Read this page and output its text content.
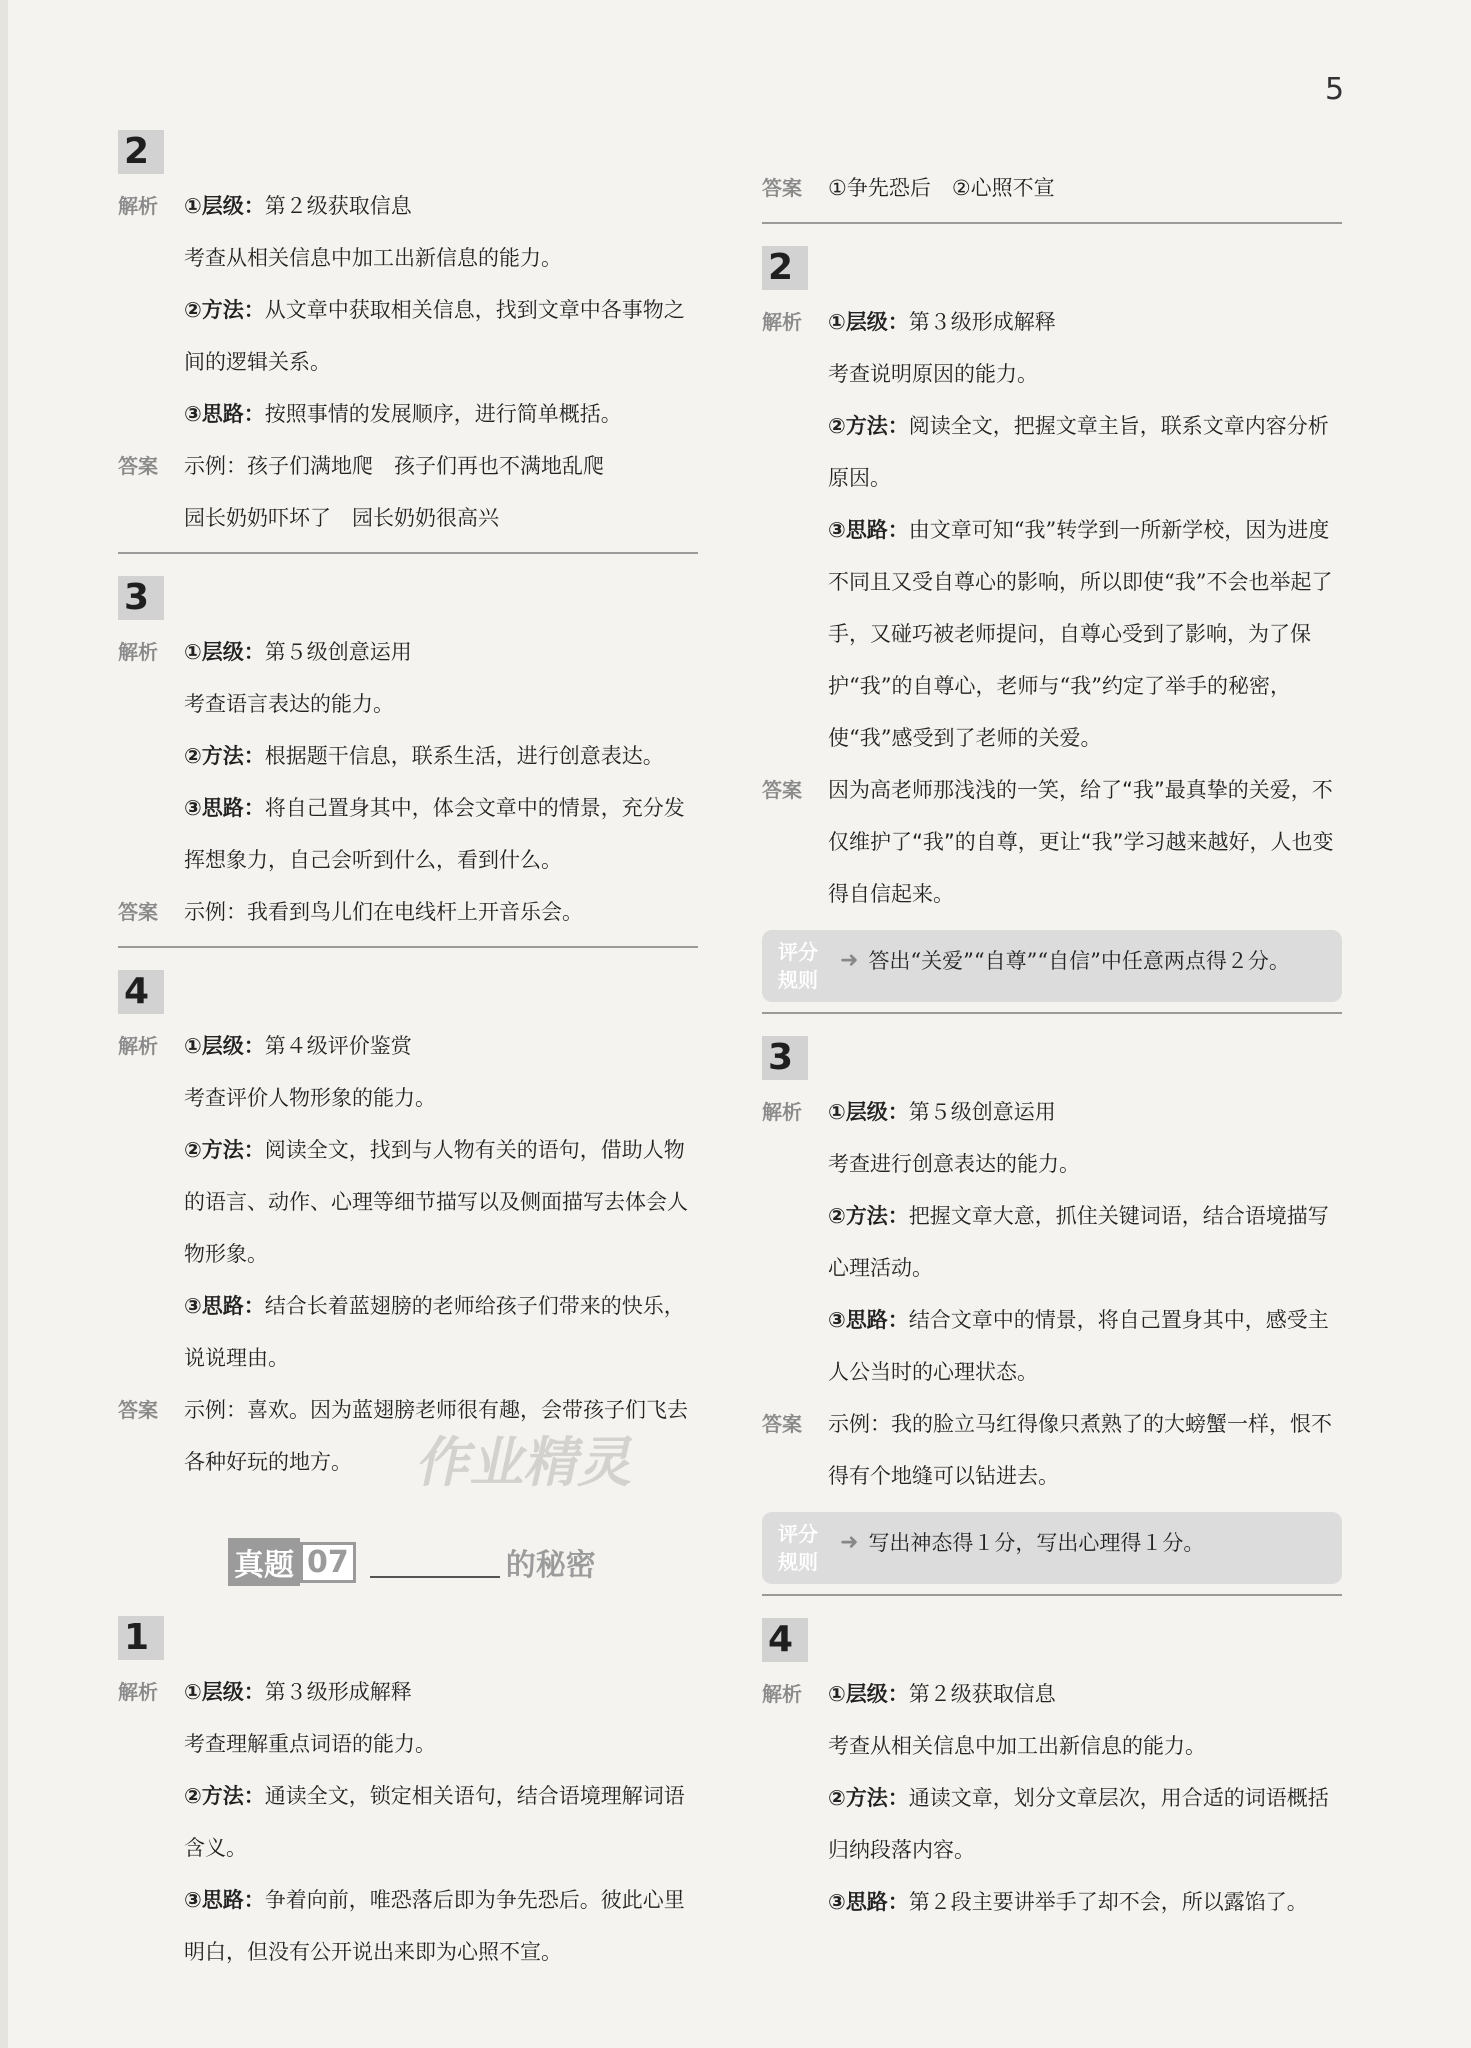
5
2
解析	①层级：第２级获取信息

考查从相关信息中加工出新信息的能力。

②方法：从文章中获取相关信息，找到文章中各事物之间的逻辑关系。

③思路：按照事情的发展顺序，进行简单概括。

答案	示例：孩子们满地爬　孩子们再也不满地乱爬

园长奶奶吓坏了　园长奶奶很高兴

3
解析	①层级：第５级创意运用

考查语言表达的能力。

②方法：根据题干信息，联系生活，进行创意表达。

③思路：将自己置身其中，体会文章中的情景，充分发挥想象力，自己会听到什么，看到什么。

答案	示例：我看到鸟儿们在电线杆上开音乐会。

4
解析	①层级：第４级评价鉴赏

考查评价人物形象的能力。

②方法：阅读全文，找到与人物有关的语句，借助人物的语言、动作、心理等细节描写以及侧面描写去体会人物形象。

③思路：结合长着蓝翅膀的老师给孩子们带来的快乐，说说理由。

答案	示例：喜欢。因为蓝翅膀老师很有趣，会带孩子们飞去各种好玩的地方。

真题 07	的秘密
1
解析	①层级：第３级形成解释

考查理解重点词语的能力。

②方法：通读全文，锁定相关语句，结合语境理解词语含义。

③思路：争着向前，唯恐落后即为争先恐后。彼此心里明白，但没有公开说出来即为心照不宣。

答案	①争先恐后　②心照不宣

2
解析	①层级：第３级形成解释

考查说明原因的能力。

②方法：阅读全文，把握文章主旨，联系文章内容分析原因。

③思路：由文章可知“我”转学到一所新学校，因为进度不同且又受自尊心的影响，所以即使“我”不会也举起了手，又碰巧被老师提问，自尊心受到了影响，为了保护“我”的自尊心，老师与“我”约定了举手的秘密，使“我”感受到了老师的关爱。

答案	因为高老师那浅浅的一笑，给了“我”最真挚的关爱，不仅维护了“我”的自尊，更让“我”学习越来越好，人也变得自信起来。

评分规则
➜ 答出“关爱”“自尊”“自信”中任意两点得２分。
3
解析	①层级：第５级创意运用

考查进行创意表达的能力。

②方法：把握文章大意，抓住关键词语，结合语境描写心理活动。

③思路：结合文章中的情景，将自己置身其中，感受主人公当时的心理状态。

答案	示例：我的脸立马红得像只煮熟了的大螃蟹一样，恨不得有个地缝可以钻进去。

评分规则
➜ 写出神态得１分，写出心理得１分。
4
解析	①层级：第２级获取信息

考查从相关信息中加工出新信息的能力。

②方法：通读文章，划分文章层次，用合适的词语概括归纳段落内容。

③思路：第２段主要讲举手了却不会，所以露馅了。

作业精灵
